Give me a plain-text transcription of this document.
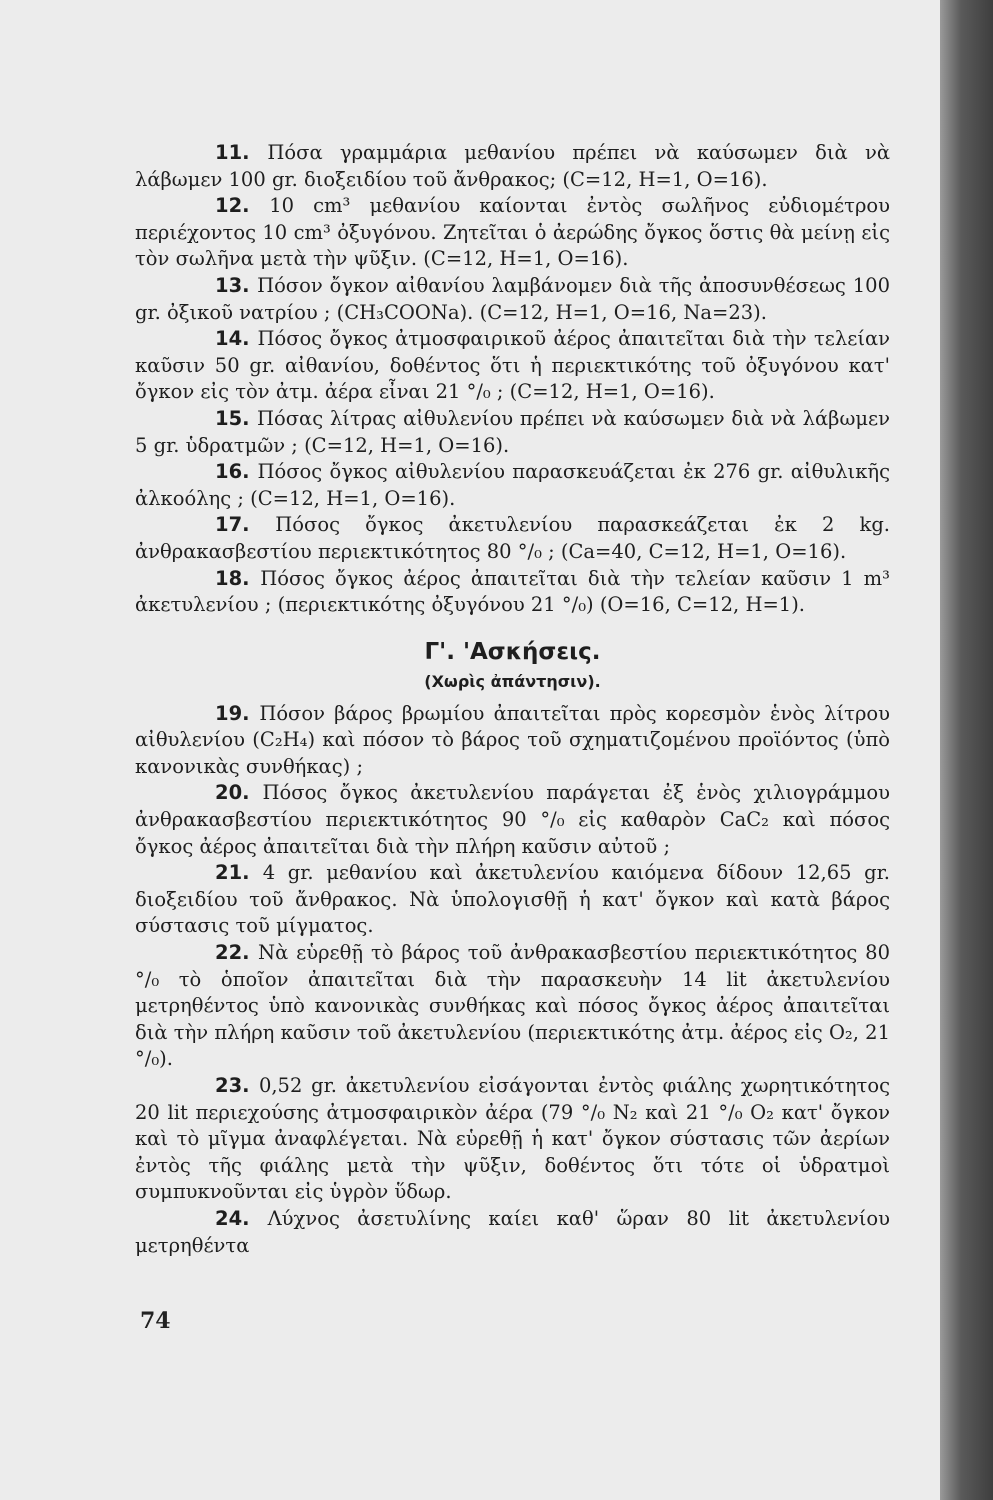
11 . Πόσα γραμμάρια μεθανίου πρέπει νὰ καύσωμεν διὰ νὰ λάβωμεν 100 gr. διοξειδίου τοῦ ἄνθρακος; (C=12, H=1, O=16).

12 . 10 cm³ μεθανίου καίονται ἐντὸς σωλῆνος εὐδιομέτρου περιέχοντος 10 cm³ ὀξυγόνου. Ζητεῖται ὁ ἀερώδης ὄγκος ὅστις θὰ μείνῃ εἰς τὸν σωλῆνα μετὰ τὴν ψῦξιν. (C=12, H=1, O=16).

13 . Πόσον ὄγκον αἰθανίου λαμβάνομεν διὰ τῆς ἀποσυνθέσεως 100 gr. ὀξικοῦ νατρίου ; (CH₃COONa). (C=12, H=1, O=16, Na=23).

14 . Πόσος ὄγκος ἀτμοσφαιρικοῦ ἀέρος ἀπαιτεῖται διὰ τὴν τελείαν καῦσιν 50 gr. αἰθανίου, δοθέντος ὅτι ἡ περιεκτικότης τοῦ ὀξυγόνου κατ' ὄγκον εἰς τὸν ἀτμ. ἀέρα εἶναι 21 °/₀ ; (C=12, H=1, O=16).

15 . Πόσας λίτρας αἰθυλενίου πρέπει νὰ καύσωμεν διὰ νὰ λάβωμεν 5 gr. ὑδρατμῶν ; (C=12, H=1, O=16).

16 . Πόσος ὄγκος αἰθυλενίου παρασκευάζεται ἐκ 276 gr. αἰθυλικῆς ἀλκοόλης ; (C=12, H=1, O=16).

17 . Πόσος ὄγκος ἀκετυλενίου παρασκεάζεται ἐκ 2 kg. ἀνθρακασβεστίου περιεκτικότητος 80 °/₀ ; (Ca=40, C=12, H=1, O=16).

18 . Πόσος ὄγκος ἀέρος ἀπαιτεῖται διὰ τὴν τελείαν καῦσιν 1 m³ ἀκετυλενίου ; (περιεκτικότης ὀξυγόνου 21 °/₀) (O=16, C=12, H=1).

Γ'. 'Ασκήσεις.
(Χωρὶς ἀπάντησιν).

19 . Πόσον βάρος βρωμίου ἀπαιτεῖται πρὸς κορεσμὸν ἑνὸς λίτρου αἰθυλενίου (C₂H₄) καὶ πόσον τὸ βάρος τοῦ σχηματιζομένου προϊόντος (ὑπὸ κανονικὰς συνθήκας) ;

20 . Πόσος ὄγκος ἀκετυλενίου παράγεται ἐξ ἑνὸς χιλιογράμμου ἀνθρακασβεστίου περιεκτικότητος 90 °/₀ εἰς καθαρὸν CaC₂ καὶ πόσος ὄγκος ἀέρος ἀπαιτεῖται διὰ τὴν πλήρη καῦσιν αὐτοῦ ;

21 . 4 gr. μεθανίου καὶ ἀκετυλενίου καιόμενα δίδουν 12,65 gr. διοξειδίου τοῦ ἄνθρακος. Νὰ ὑπολογισθῇ ἡ κατ' ὄγκον καὶ κατὰ βάρος σύστασις τοῦ μίγματος.

22 . Νὰ εὑρεθῇ τὸ βάρος τοῦ ἀνθρακασβεστίου περιεκτικότητος 80 °/₀ τὸ ὁποῖον ἀπαιτεῖται διὰ τὴν παρασκευὴν 14 lit ἀκετυλενίου μετρηθέντος ὑπὸ κανονικὰς συνθήκας καὶ πόσος ὄγκος ἀέρος ἀπαιτεῖται διὰ τὴν πλήρη καῦσιν τοῦ ἀκετυλενίου (περιεκτικότης ἀτμ. ἀέρος εἰς O₂, 21 °/₀).

23 . 0,52 gr. ἀκετυλενίου εἰσάγονται ἐντὸς φιάλης χωρητικότητος 20 lit περιεχούσης ἀτμοσφαιρικὸν ἀέρα (79 °/₀ N₂ καὶ 21 °/₀ O₂ κατ' ὄγκον καὶ τὸ μῖγμα ἀναφλέγεται. Νὰ εὑρεθῇ ἡ κατ' ὄγκον σύστασις τῶν ἀερίων ἐντὸς τῆς φιάλης μετὰ τὴν ψῦξιν, δοθέντος ὅτι τότε οἱ ὑδρατμοὶ συμπυκνοῦνται εἰς ὑγρὸν ὕδωρ.

24 . Λύχνος ἀσετυλίνης καίει καθ' ὥραν 80 lit ἀκετυλενίου μετρηθέντα

74
